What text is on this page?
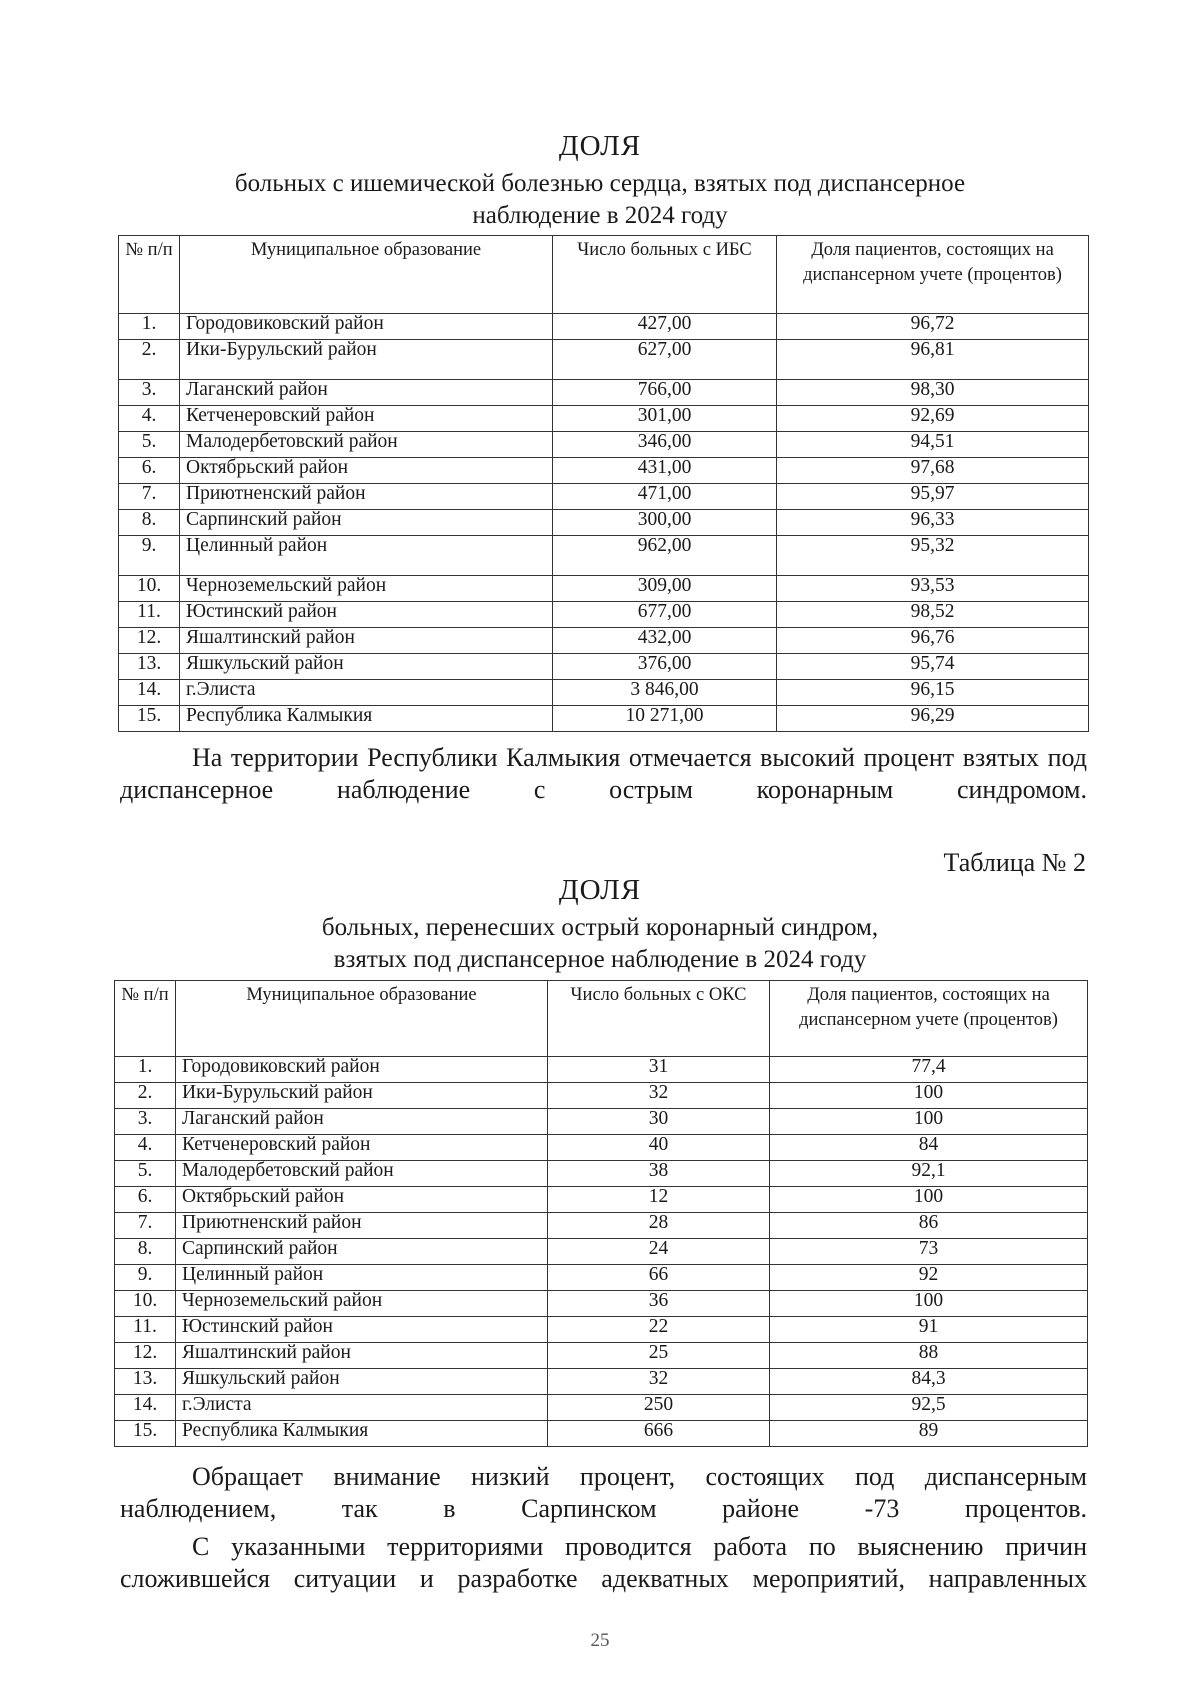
ДОЛЯ
больных с ишемической болезнью сердца, взятых под диспансерное
наблюдение в 2024 году
№ п/п	Муниципальное образование	Число больных с ИБС	Доля пациентов, состоящих на диспансерном учете (процентов)
1.	Городовиковский район	427,00	96,72
2.	Ики-Бурульский район	627,00	96,81
3.	Лаганский район	766,00	98,30
4.	Кетченеровский район	301,00	92,69
5.	Малодербетовский район	346,00	94,51
6.	Октябрьский район	431,00	97,68
7.	Приютненский район	471,00	95,97
8.	Сарпинский район	300,00	96,33
9.	Целинный район	962,00	95,32
10.	Черноземельский район	309,00	93,53
11.	Юстинский район	677,00	98,52
12.	Яшалтинский район	432,00	96,76
13.	Яшкульский район	376,00	95,74
14.	г.Элиста	3 846,00	96,15
15.	Республика Калмыкия	10 271,00	96,29
На территории Республики Калмыкия отмечается высокий процент взятых под диспансерное наблюдение с острым коронарным синдромом.
Таблица № 2
ДОЛЯ
больных, перенесших острый коронарный синдром,
взятых под диспансерное наблюдение в 2024 году
№ п/п	Муниципальное образование	Число больных с ОКС	Доля пациентов, состоящих на диспансерном учете (процентов)
1.	Городовиковский район	31	77,4
2.	Ики-Бурульский район	32	100
3.	Лаганский район	30	100
4.	Кетченеровский район	40	84
5.	Малодербетовский район	38	92,1
6.	Октябрьский район	12	100
7.	Приютненский район	28	86
8.	Сарпинский район	24	73
9.	Целинный район	66	92
10.	Черноземельский район	36	100
11.	Юстинский район	22	91
12.	Яшалтинский район	25	88
13.	Яшкульский район	32	84,3
14.	г.Элиста	250	92,5
15.	Республика Калмыкия	666	89
Обращает внимание низкий процент, состоящих под диспансерным наблюдением, так в Сарпинском районе -73 процентов.
С указанными территориями проводится работа по выяснению причин сложившейся ситуации и разработке адекватных мероприятий, направленных
25
